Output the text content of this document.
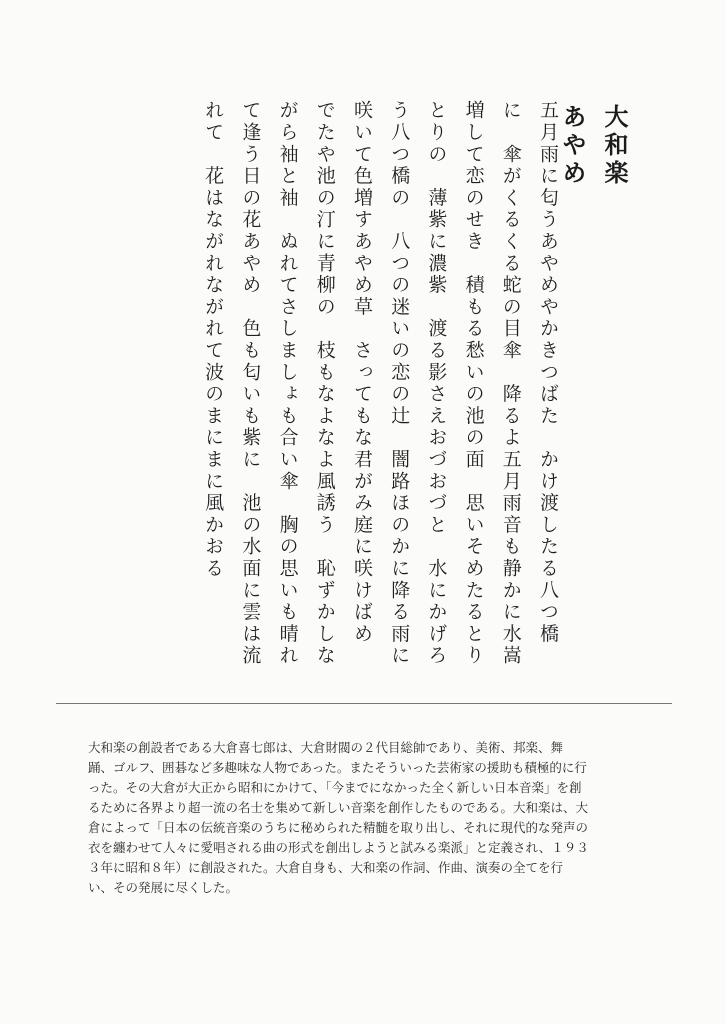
大和楽
あやめ
五月雨に匂うあやめやかきつばた　かけ渡したる八つ橋
に　傘がくるくる蛇の目傘　降るよ五月雨音も静かに水嵩
増して恋のせき　積もる愁いの池の面　思いそめたるとり
とりの　薄紫に濃紫　渡る影さえおづおづと　水にかげろ
う八つ橋の　八つの迷いの恋の辻　闇路ほのかに降る雨に
咲いて色増すあやめ草　さってもな君がみ庭に咲けばめ
でたや池の汀に青柳の　枝もなよなよ風誘う　恥ずかしな
がら袖と袖　ぬれてさしましょも合い傘　胸の思いも晴れ
て逢う日の花あやめ　色も匂いも紫に　池の水面に雲は流
れて　花はながれながれて波のまにまに風かおる
大和楽の創設者である大倉喜七郎は、大倉財閥の２代目総帥であり、美術、邦楽、舞
踊、ゴルフ、囲碁など多趣味な人物であった。またそういった芸術家の援助も積極的に行
った。その大倉が大正から昭和にかけて、「今までになかった全く新しい日本音楽」を創
るために各界より超一流の名士を集めて新しい音楽を創作したものである。大和楽は、大
倉によって「日本の伝統音楽のうちに秘められた精髄を取り出し、それに現代的な発声の
衣を纏わせて人々に愛唱される曲の形式を創出しようと試みる楽派」と定義され、１９３
３年に昭和８年）に創設された。大倉自身も、大和楽の作詞、作曲、演奏の全てを行
い、その発展に尽くした。
